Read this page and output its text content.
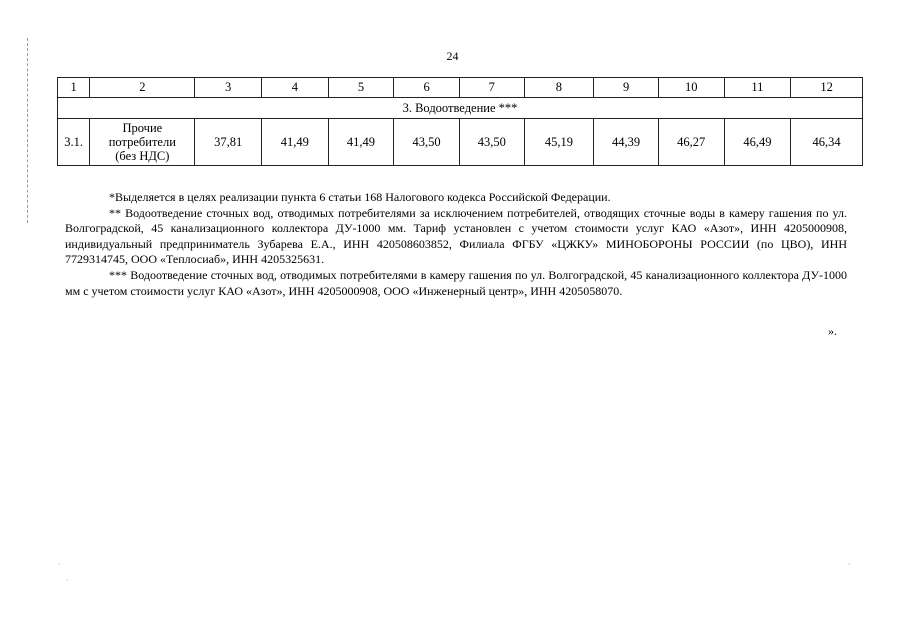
24
1	2	3	4	5	6	7	8	9	10	11	12
3. Водоотведение ***											
3.1.	Прочие
потребители
(без НДС)	37,81	41,49	41,49	43,50	43,50	45,19	44,39	46,27	46,49	46,34

*Выделяется в целях реализации пункта 6 статьи 168 Налогового кодекса Российской Федерации.

** Водоотведение сточных вод, отводимых потребителями за исключением потребителей, отводящих сточные воды в камеру гашения по ул. Волгоградской, 45 канализационного коллектора ДУ-1000 мм. Тариф установлен с учетом стоимости услуг КАО «Азот», ИНН 4205000908, индивидуальный предприниматель Зубарева Е.А., ИНН 420508603852, Филиала ФГБУ «ЦЖКУ» МИНОБОРОНЫ РОССИИ (по ЦВО), ИНН 7729314745, ООО «Теплосиаб», ИНН 4205325631.

*** Водоотведение сточных вод, отводимых потребителями в камеру гашения по ул. Волгоградской, 45 канализационного коллектора ДУ-1000 мм с учетом стоимости услуг КАО «Азот», ИНН 4205000908, ООО «Инженерный центр», ИНН 4205058070.

».
·
·
·
